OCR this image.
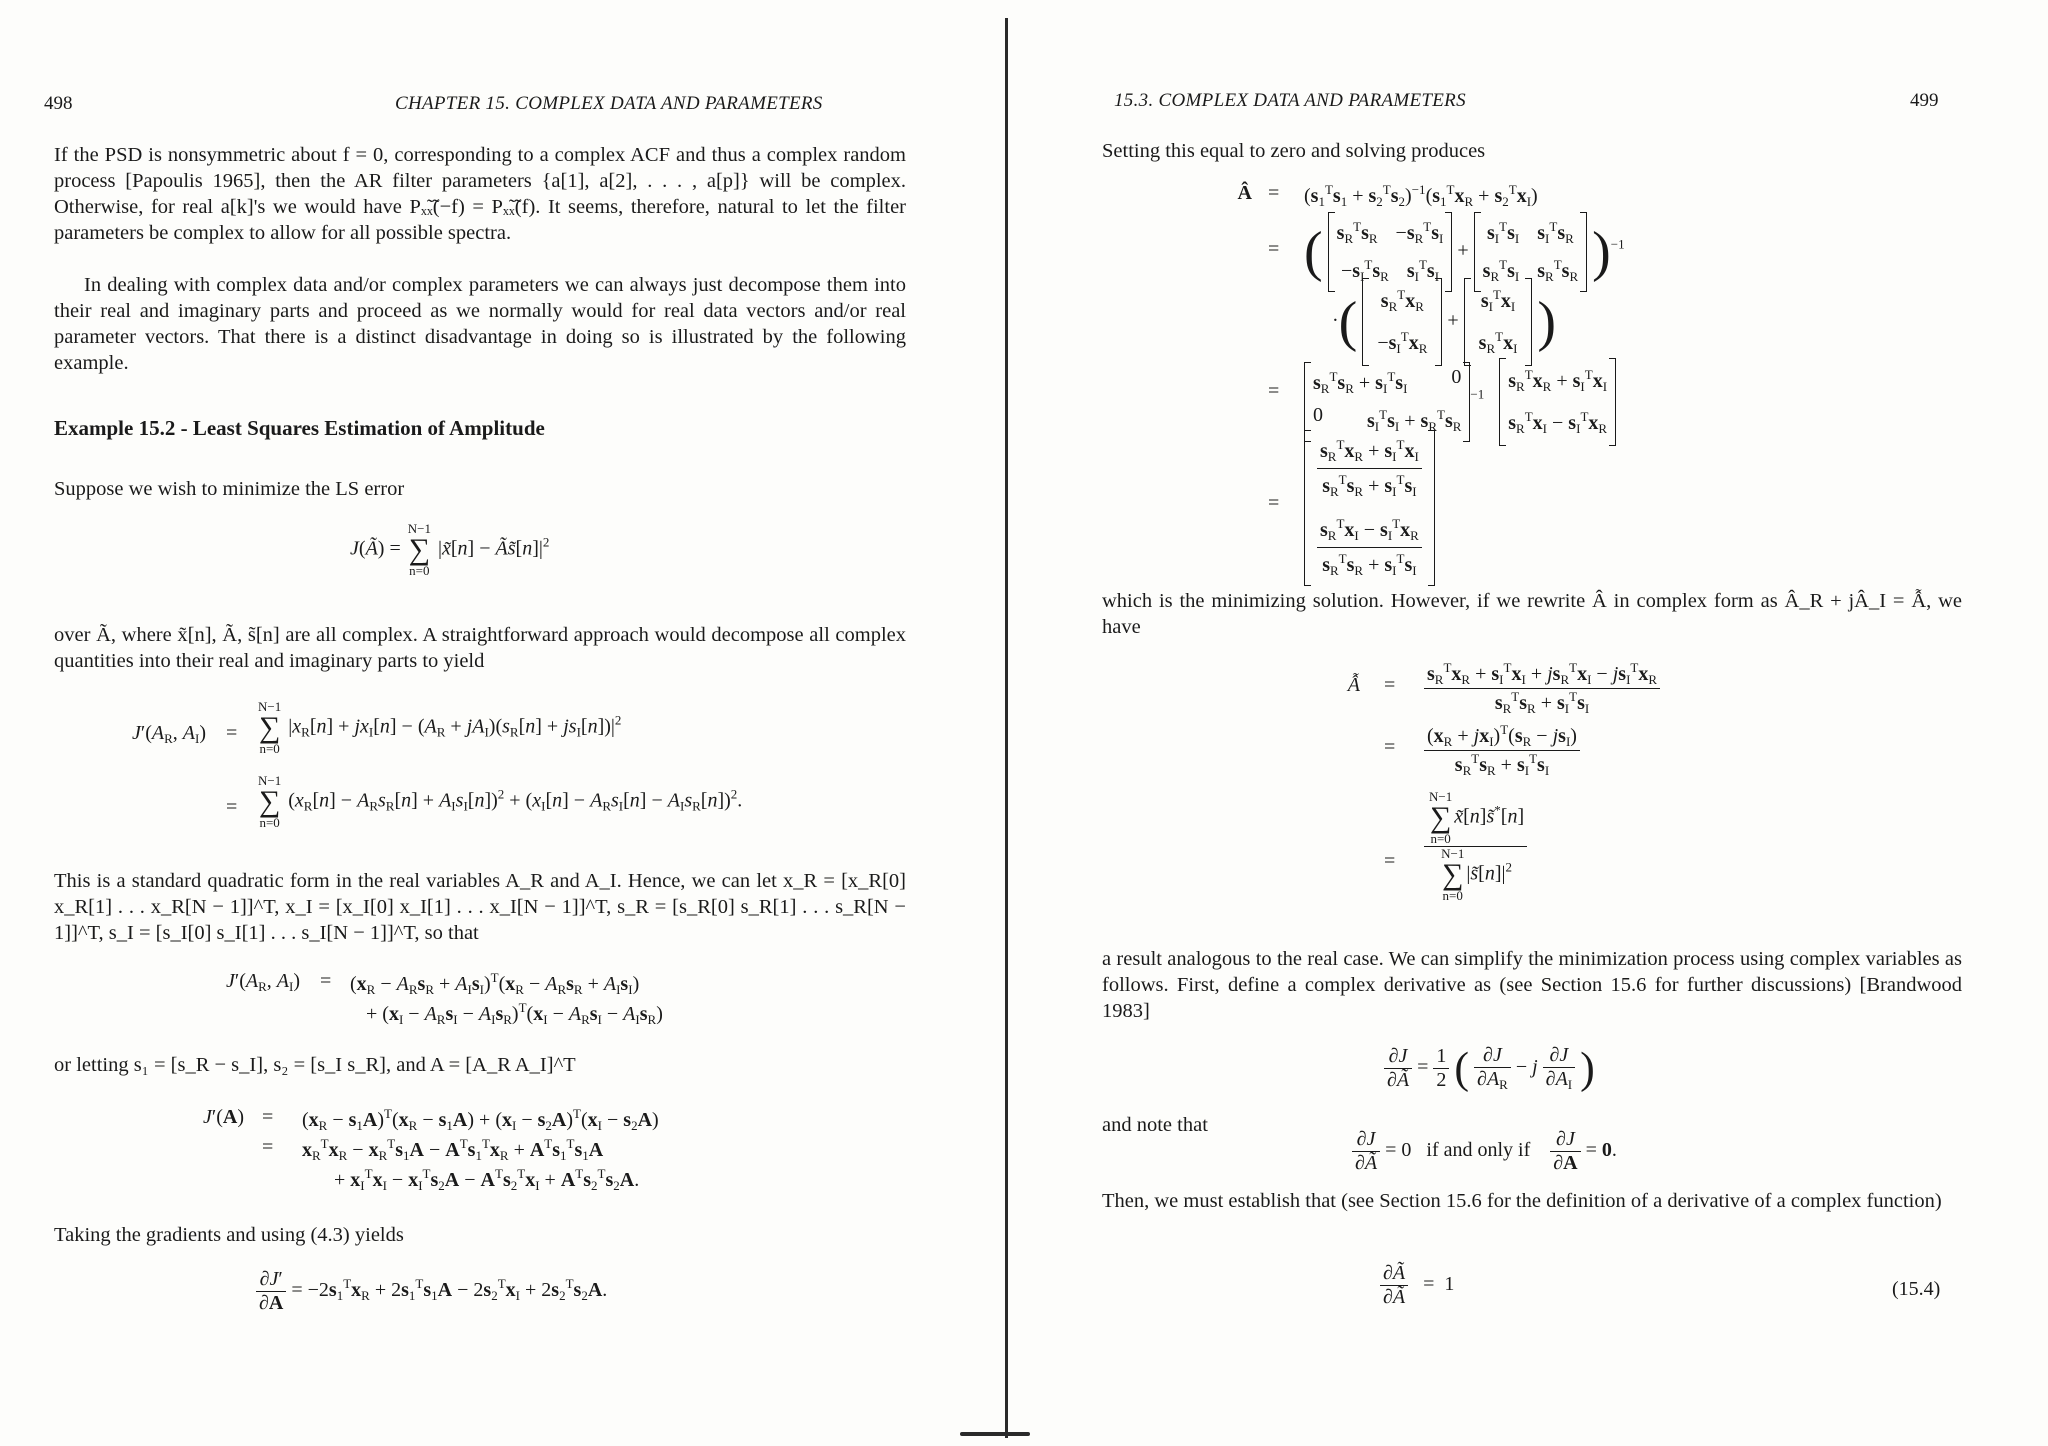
498	CHAPTER 15. COMPLEX DATA AND PARAMETERS
If the PSD is nonsymmetric about f = 0, corresponding to a complex ACF and thus a complex random process [Papoulis 1965], then the AR filter parameters {a[1], a[2], . . . , a[p]} will be complex. Otherwise, for real a[k]'s we would have Pₓ̃ₓ̃(−f) = Pₓ̃ₓ̃(f). It seems, therefore, natural to let the filter parameters be complex to allow for all possible spectra.
In dealing with complex data and/or complex parameters we can always just decompose them into their real and imaginary parts and proceed as we normally would for real data vectors and/or real parameter vectors. That there is a distinct disadvantage in doing so is illustrated by the following example.
Example 15.2 - Least Squares Estimation of Amplitude
Suppose we wish to minimize the LS error
J(Ã) =
N−1
∑
n=0
|x̃[n] − $Ãs̃[n]|^2$
over Ã, where x̃[n], Ã, s̃[n] are all complex. A straightforward approach would decompose all complex quantities into their real and imaginary parts to yield
$J'(A_R$, $A_I$) =
N−1
∑
n=0
$|x_R[n] + jx_I[n] - (A_R + jA_I)(s_R[n] + js_I[n])|^2$
=
N−1
∑
n=0
$(x_R[n] - A_Rs_R[n] + A_Is_I[n])^2 + (x_I[n] - A_Rs_I[n] - A_Is_R[n])^2$.
This is a standard quadratic form in the real variables A_R and A_I. Hence, we can let x_R = [x_R[0] x_R[1] . . . x_R[N − 1]]^T, x_I = [x_I[0] x_I[1] . . . x_I[N − 1]]^T, s_R = [s_R[0] s_R[1] . . . s_R[N − 1]]^T, s_I = [s_I[0] s_I[1] . . . s_I[N − 1]]^T, so that
$J'(A_R$, $A_I) = (x_R - A_Rs_R + A_Is_I)^T(x_R - A_Rs_R + A_Is_I)$
+ $(x_I - A_Rs_I - A_Is_R)^T(x_I - A_Rs_I - A_Is_R)$
or letting s₁ = [s_R − s_I], s₂ = [s_I s_R], and A = [A_R A_I]^T
$J'(A) = (x_R - s_1A)^T(x_R - s_1A) + (x_I - s_2A)^T(x_I - s_2A)$
= $x_R^Tx_R - x_R^Ts_1A - A^Ts_1^Tx_R + A^Ts_1^Ts_1A$
+ $x_I^Tx_I - x_I^Ts_2A - A^Ts_2^Tx_I + A^Ts_2^Ts_2A$.
Taking the gradients and using (4.3) yields
$\frac{\partial J'}{\partial A} = -2s_1^Tx_R + 2s_1^Ts_1A - 2s_2^Tx_I + 2s_2^Ts_2A$.
15.3. COMPLEX DATA AND PARAMETERS	499
Setting this equal to zero and solving produces
Â = $(s_1^Ts_1 + s_2^Ts_2)^{-1}(s_1^Tx_R + s_2^Tx_I)$
= ( $s_R^Ts_R -s_R^Ts_I$
$-s_I^Ts_R$ $s_I^Ts_I$
+
$s_I^Ts_I$ $s_I^Ts_R$
$s_R^Ts_I$ $s_R^Ts_R$ )$^{-1}$
·( $s_R^Tx_R$
$-s_I^Tx_R$
+
$s_I^Tx_I$
$s_R^Tx_I$ )
= $s_R^Ts_R + s_I^Ts_I$
0
0 $s_I^Ts_I + s_R^Ts_R$
$^{-1}$
$s_R^Tx_R + s_I^Tx_I$
$s_R^Tx_I - s_I^Tx_R$
= $\frac{s_R^Tx_R + s_I^Tx_I}{s_R^Ts_R + s_I^Ts_I}$
$\frac{s_R^Tx_I - s_I^Tx_R}{s_R^Ts_R + s_I^Ts_I}$
which is the minimizing solution. However, if we rewrite Â in complex form as Â_R + jÂ_I = Ẫ, we have
Ẫ = $\frac{s_R^Tx_R + s_I^Tx_I + js_R^Tx_I - js_I^Tx_R}{s_R^Ts_R + s_I^Ts_I}$
= $\frac{(x_R + jx_I)^T(s_R - js_I)}{s_R^Ts_R + s_I^Ts_I}$
= N−1
∑
n=0
x̃[n]s̃*[n]
N−1
∑
n=0
$|s̃[n]|^2$
a result analogous to the real case. We can simplify the minimization process using complex variables as follows. First, define a complex derivative as (see Section 15.6 for further discussions) [Brandwood 1983]
$\frac{\partial J}{\partial Ã} = \frac{1}{2}$ ( $\frac{\partial J}{\partial A_R} - j \frac{\partial J}{\partial A_I}$ )
and note that
$\frac{\partial J}{\partial Ã} = 0$   if and only if $\frac{\partial J}{\partial A} = 0$.
Then, we must establish that (see Section 15.6 for the definition of a derivative of a complex function)
$\frac{\partial Ã}{\partial Ã} = 1$	(15.4)
